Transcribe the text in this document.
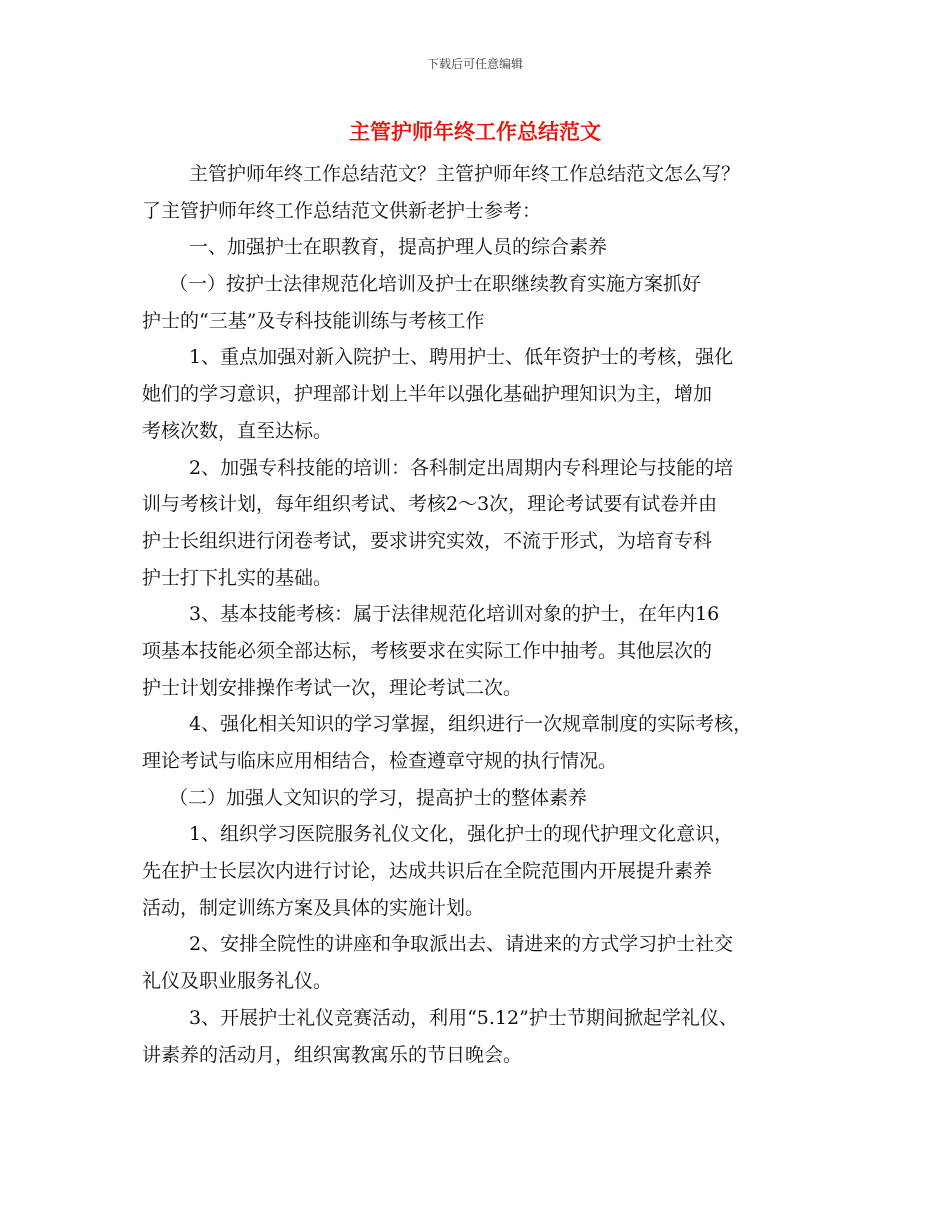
下载后可任意编辑
主管护师年终工作总结范文
主管护师年终工作总结范文？主管护师年终工作总结范文怎么写？
了主管护师年终工作总结范文供新老护士参考：
一、加强护士在职教育，提高护理人员的综合素养
（一）按护士法律规范化培训及护士在职继续教育实施方案抓好
护士的“三基”及专科技能训练与考核工作
1、重点加强对新入院护士、聘用护士、低年资护士的考核，强化
她们的学习意识，护理部计划上半年以强化基础护理知识为主，增加
考核次数，直至达标。
2、加强专科技能的培训：各科制定出周期内专科理论与技能的培
训与考核计划，每年组织考试、考核2～3次，理论考试要有试卷并由
护士长组织进行闭卷考试，要求讲究实效，不流于形式，为培育专科
护士打下扎实的基础。
3、基本技能考核：属于法律规范化培训对象的护士，在年内16
项基本技能必须全部达标，考核要求在实际工作中抽考。其他层次的
护士计划安排操作考试一次，理论考试二次。
4、强化相关知识的学习掌握，组织进行一次规章制度的实际考核，
理论考试与临床应用相结合，检查遵章守规的执行情况。
（二）加强人文知识的学习，提高护士的整体素养
1、组织学习医院服务礼仪文化，强化护士的现代护理文化意识，
先在护士长层次内进行讨论，达成共识后在全院范围内开展提升素养
活动，制定训练方案及具体的实施计划。
2、安排全院性的讲座和争取派出去、请进来的方式学习护士社交
礼仪及职业服务礼仪。
3、开展护士礼仪竞赛活动，利用“5.12”护士节期间掀起学礼仪、
讲素养的活动月，组织寓教寓乐的节日晚会。
